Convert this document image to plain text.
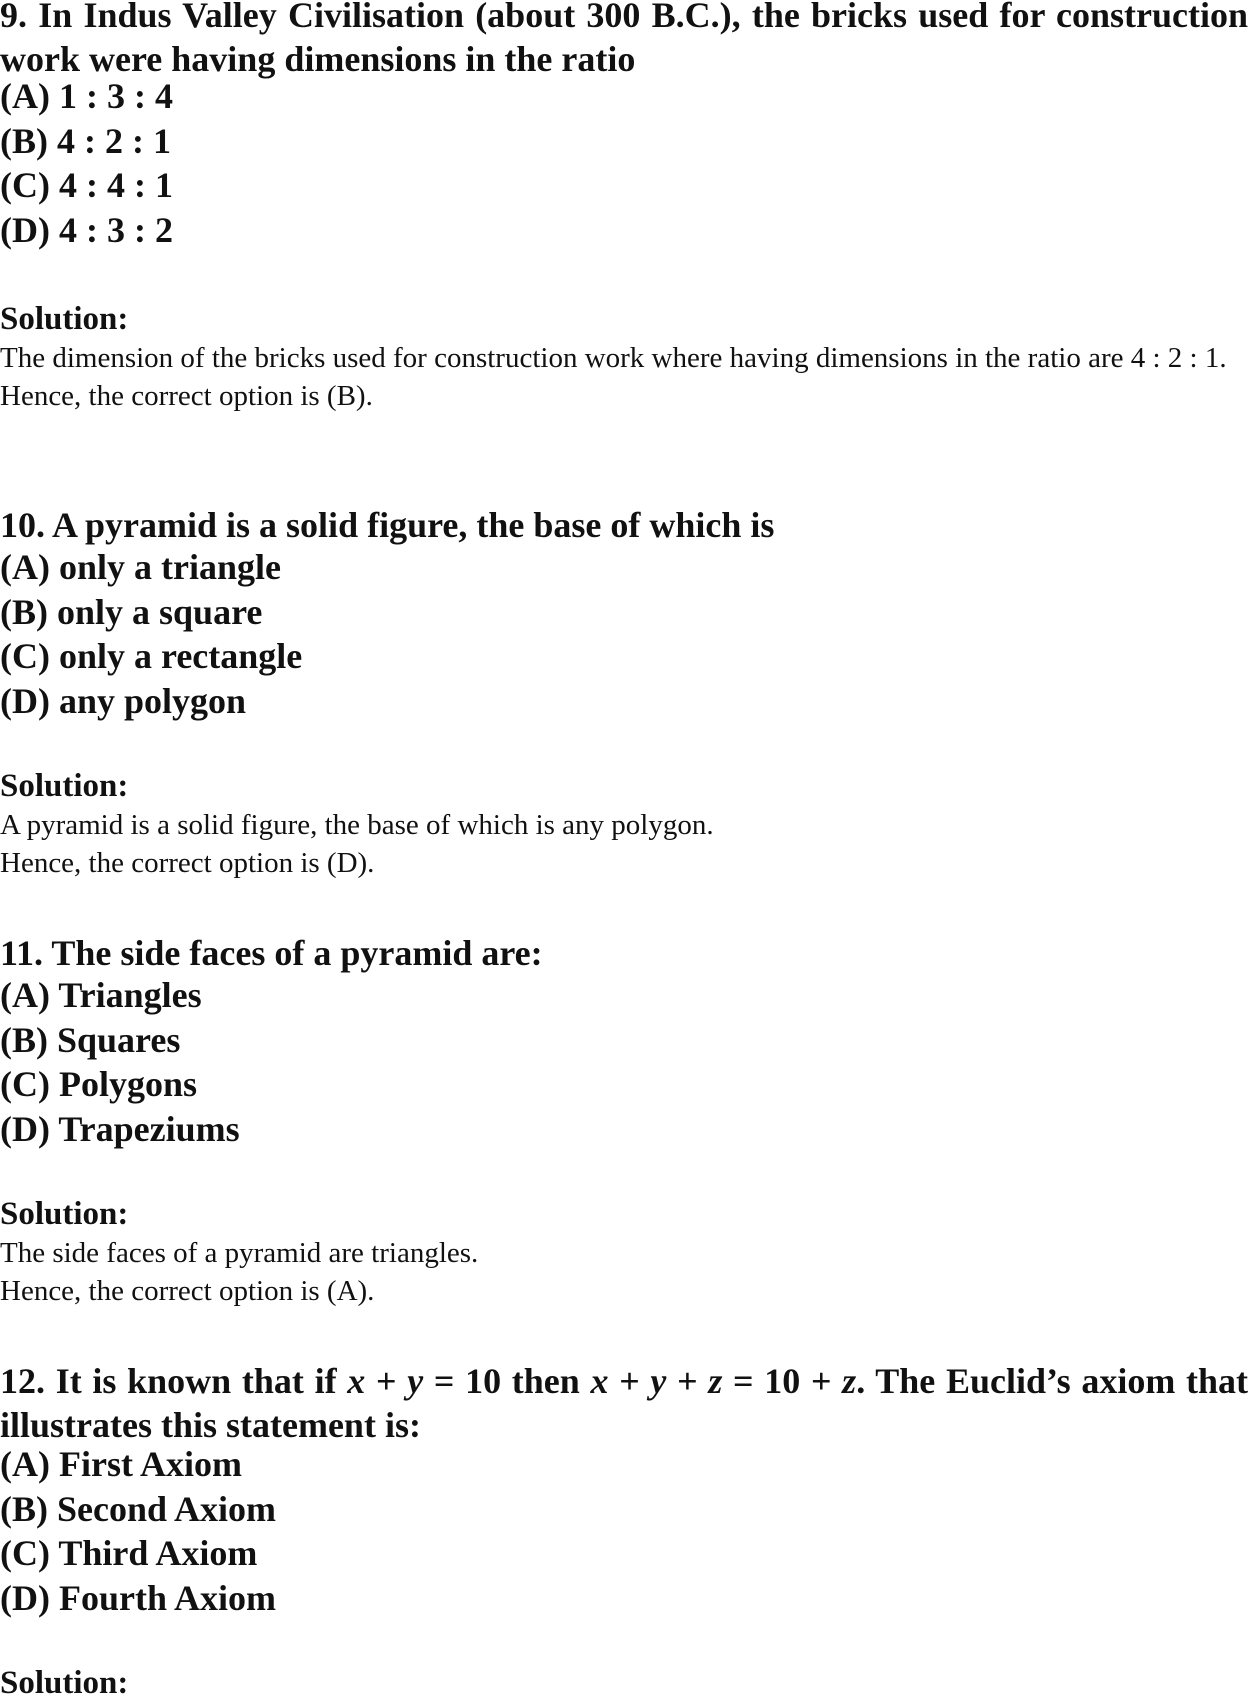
9. In Indus Valley Civilisation (about 300 B.C.), the bricks used for construction work were having dimensions in the ratio

(A) 1 : 3 : 4

(B) 4 : 2 : 1

(C) 4 : 4 : 1

(D) 4 : 3 : 2

Solution:

The dimension of the bricks used for construction work where having dimensions in the ratio are 4 : 2 : 1.

Hence, the correct option is (B).

10. A pyramid is a solid figure, the base of which is

(A) only a triangle

(B) only a square

(C) only a rectangle

(D) any polygon

Solution:

A pyramid is a solid figure, the base of which is any polygon.

Hence, the correct option is (D).

11. The side faces of a pyramid are:

(A) Triangles

(B) Squares

(C) Polygons

(D) Trapeziums

Solution:

The side faces of a pyramid are triangles.

Hence, the correct option is (A).

12. It is known that if x + y = 10 then x + y + z = 10 + z. The Euclid’s axiom that illustrates this statement is:

(A) First Axiom

(B) Second Axiom

(C) Third Axiom

(D) Fourth Axiom

Solution:
